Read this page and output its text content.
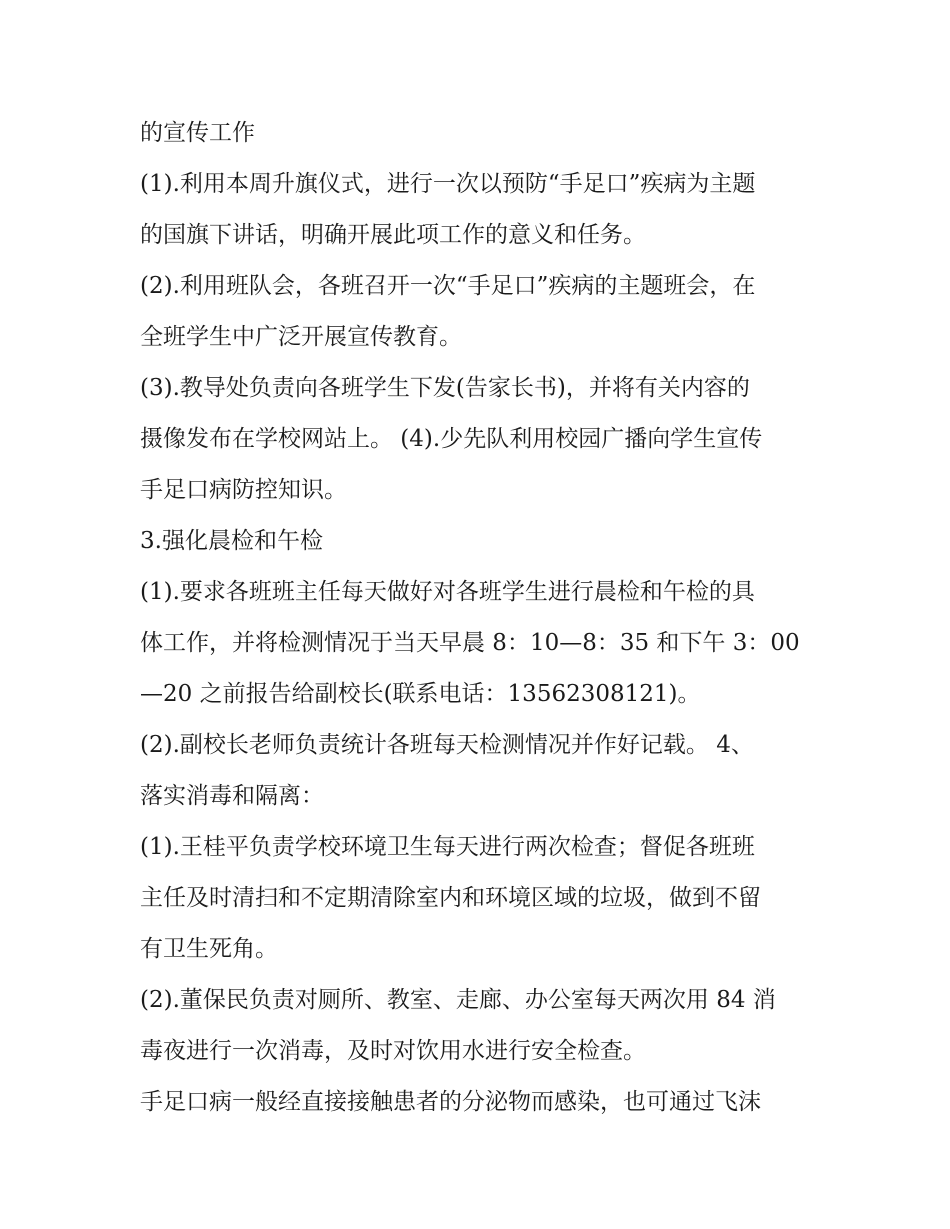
的宣传工作
(1).利用本周升旗仪式，进行一次以预防“手足口”疾病为主题
的国旗下讲话，明确开展此项工作的意义和任务。
(2).利用班队会，各班召开一次“手足口”疾病的主题班会，在
全班学生中广泛开展宣传教育。
(3).教导处负责向各班学生下发(告家长书)，并将有关内容的
摄像发布在学校网站上。 (4).少先队利用校园广播向学生宣传
手足口病防控知识。
3.强化晨检和午检
(1).要求各班班主任每天做好对各班学生进行晨检和午检的具
体工作，并将检测情况于当天早晨 8：10—8：35 和下午 3：00
—20 之前报告给副校长(联系电话：13562308121)。
(2).副校长老师负责统计各班每天检测情况并作好记载。 4、
落实消毒和隔离：
(1).王桂平负责学校环境卫生每天进行两次检查；督促各班班
主任及时清扫和不定期清除室内和环境区域的垃圾，做到不留
有卫生死角。
(2).董保民负责对厕所、教室、走廊、办公室每天两次用 84 消
毒夜进行一次消毒，及时对饮用水进行安全检查。
手足口病一般经直接接触患者的分泌物而感染，也可通过飞沫
